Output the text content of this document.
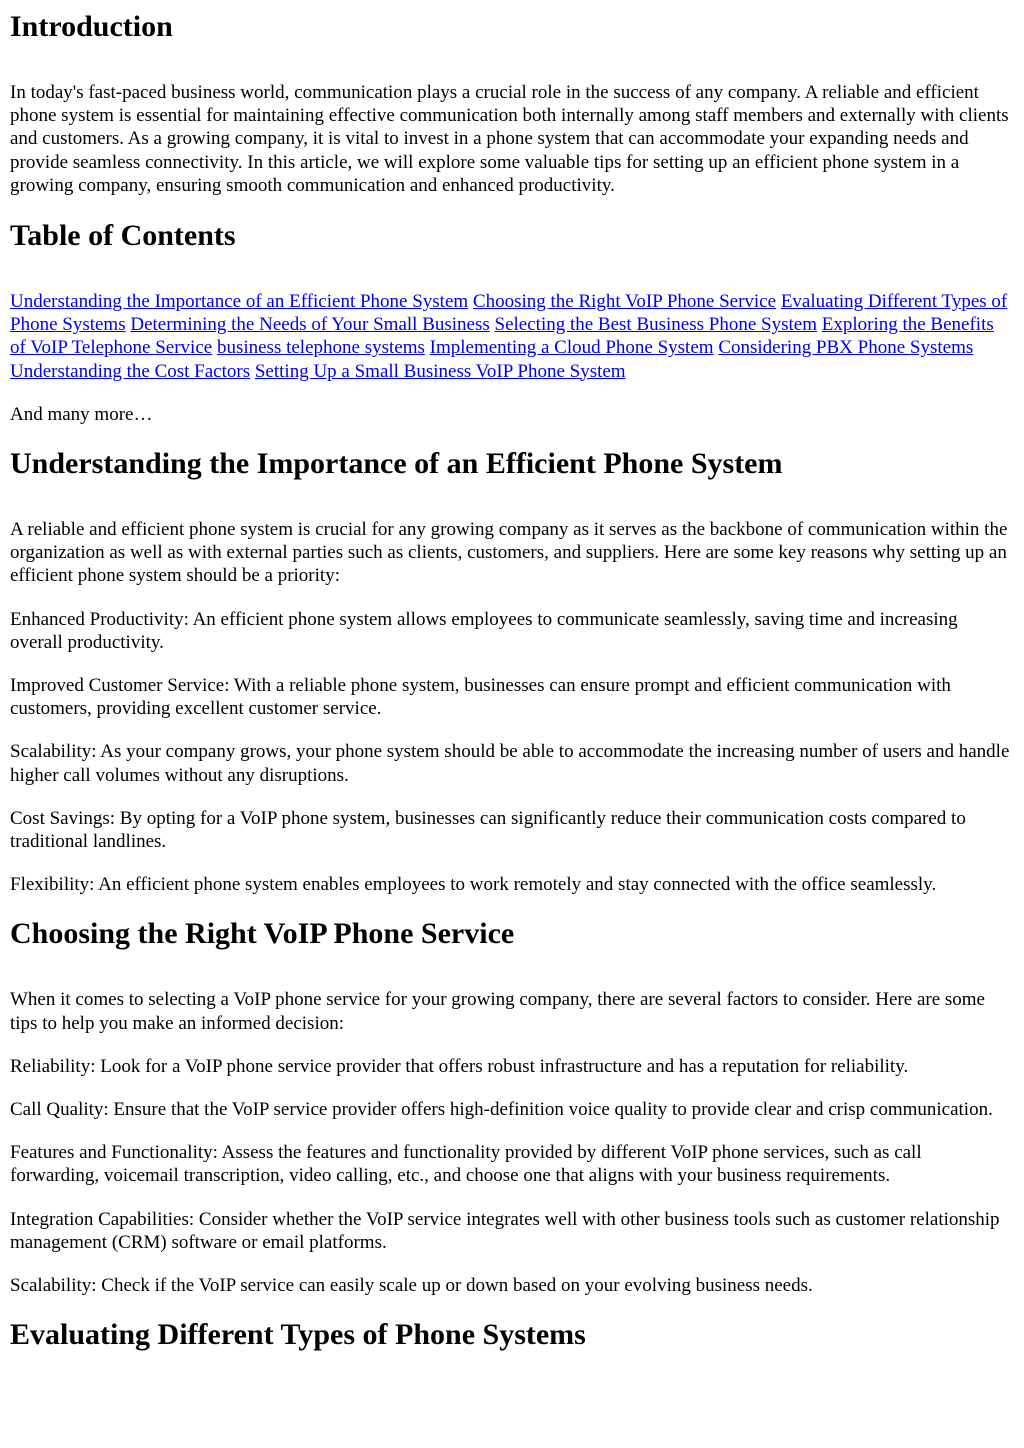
Introduction

In today's fast-paced business world, communication plays a crucial role in the success of any company. A reliable and efficient phone system is essential for maintaining effective communication both internally among staff members and externally with clients and customers. As a growing company, it is vital to invest in a phone system that can accommodate your expanding needs and provide seamless connectivity. In this article, we will explore some valuable tips for setting up an efficient phone system in a growing company, ensuring smooth communication and enhanced productivity.

Table of Contents

Understanding the Importance of an Efficient Phone System Choosing the Right VoIP Phone Service Evaluating Different Types of Phone Systems Determining the Needs of Your Small Business Selecting the Best Business Phone System Exploring the Benefits of VoIP Telephone Service business telephone systems Implementing a Cloud Phone System Considering PBX Phone Systems Understanding the Cost Factors Setting Up a Small Business VoIP Phone System

And many more…

Understanding the Importance of an Efficient Phone System

A reliable and efficient phone system is crucial for any growing company as it serves as the backbone of communication within the organization as well as with external parties such as clients, customers, and suppliers. Here are some key reasons why setting up an efficient phone system should be a priority:

Enhanced Productivity: An efficient phone system allows employees to communicate seamlessly, saving time and increasing overall productivity.

Improved Customer Service: With a reliable phone system, businesses can ensure prompt and efficient communication with customers, providing excellent customer service.

Scalability: As your company grows, your phone system should be able to accommodate the increasing number of users and handle higher call volumes without any disruptions.

Cost Savings: By opting for a VoIP phone system, businesses can significantly reduce their communication costs compared to traditional landlines.

Flexibility: An efficient phone system enables employees to work remotely and stay connected with the office seamlessly.

Choosing the Right VoIP Phone Service

When it comes to selecting a VoIP phone service for your growing company, there are several factors to consider. Here are some tips to help you make an informed decision:

Reliability: Look for a VoIP phone service provider that offers robust infrastructure and has a reputation for reliability.

Call Quality: Ensure that the VoIP service provider offers high-definition voice quality to provide clear and crisp communication.

Features and Functionality: Assess the features and functionality provided by different VoIP phone services, such as call forwarding, voicemail transcription, video calling, etc., and choose one that aligns with your business requirements.

Integration Capabilities: Consider whether the VoIP service integrates well with other business tools such as customer relationship management (CRM) software or email platforms.

Scalability: Check if the VoIP service can easily scale up or down based on your evolving business needs.

Evaluating Different Types of Phone Systems
